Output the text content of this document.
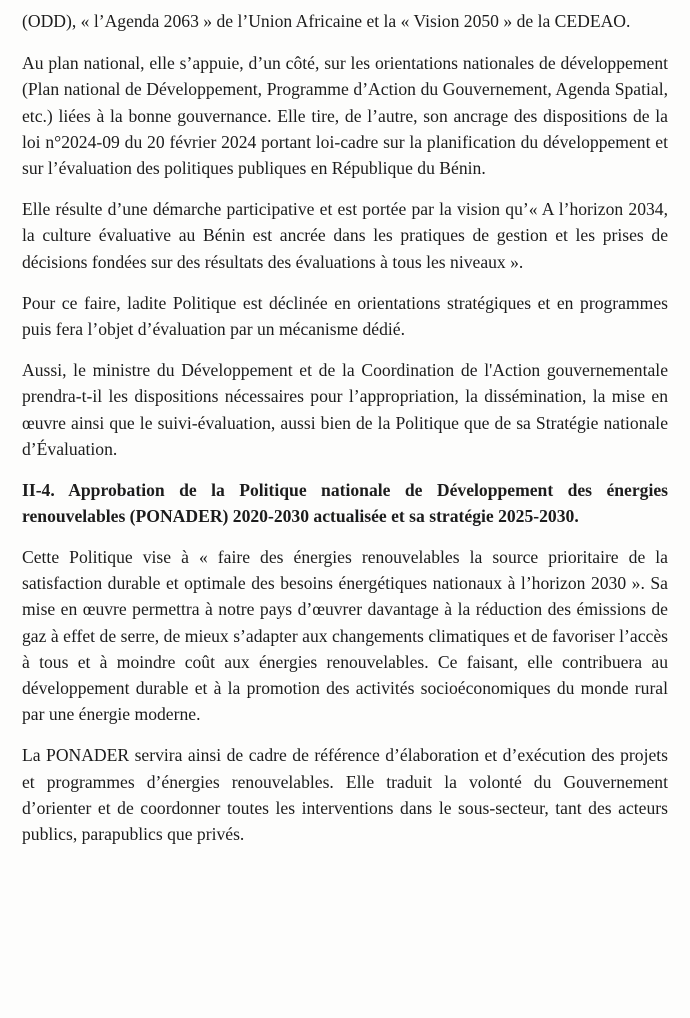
(ODD), « l’Agenda 2063 » de l’Union Africaine et la « Vision 2050 » de la CEDEAO.

Au plan national, elle s’appuie, d’un côté, sur les orientations nationales de développement (Plan national de Développement, Programme d’Action du Gouvernement, Agenda Spatial, etc.) liées à la bonne gouvernance. Elle tire, de l’autre, son ancrage des dispositions de la loi n°2024-09 du 20 février 2024 portant loi-cadre sur la planification du développement et sur l’évaluation des politiques publiques en République du Bénin.

Elle résulte d’une démarche participative et est portée par la vision qu’« A l’horizon 2034, la culture évaluative au Bénin est ancrée dans les pratiques de gestion et les prises de décisions fondées sur des résultats des évaluations à tous les niveaux ».

Pour ce faire, ladite Politique est déclinée en orientations stratégiques et en programmes puis fera l’objet d’évaluation par un mécanisme dédié.

Aussi, le ministre du Développement et de la Coordination de l'Action gouvernementale prendra-t-il les dispositions nécessaires pour l’appropriation, la dissémination, la mise en œuvre ainsi que le suivi-évaluation, aussi bien de la Politique que de sa Stratégie nationale d’Évaluation.

II-4. Approbation de la Politique nationale de Développement des énergies renouvelables (PONADER) 2020-2030 actualisée et sa stratégie 2025-2030.

Cette Politique vise à « faire des énergies renouvelables la source prioritaire de la satisfaction durable et optimale des besoins énergétiques nationaux à l’horizon 2030 ». Sa mise en œuvre permettra à notre pays d’œuvrer davantage à la réduction des émissions de gaz à effet de serre, de mieux s’adapter aux changements climatiques et de favoriser l’accès à tous et à moindre coût aux énergies renouvelables. Ce faisant, elle contribuera au développement durable et à la promotion des activités socioéconomiques du monde rural par une énergie moderne.

La PONADER servira ainsi de cadre de référence d’élaboration et d’exécution des projets et programmes d’énergies renouvelables. Elle traduit la volonté du Gouvernement d’orienter et de coordonner toutes les interventions dans le sous-secteur, tant des acteurs publics, parapublics que privés.
